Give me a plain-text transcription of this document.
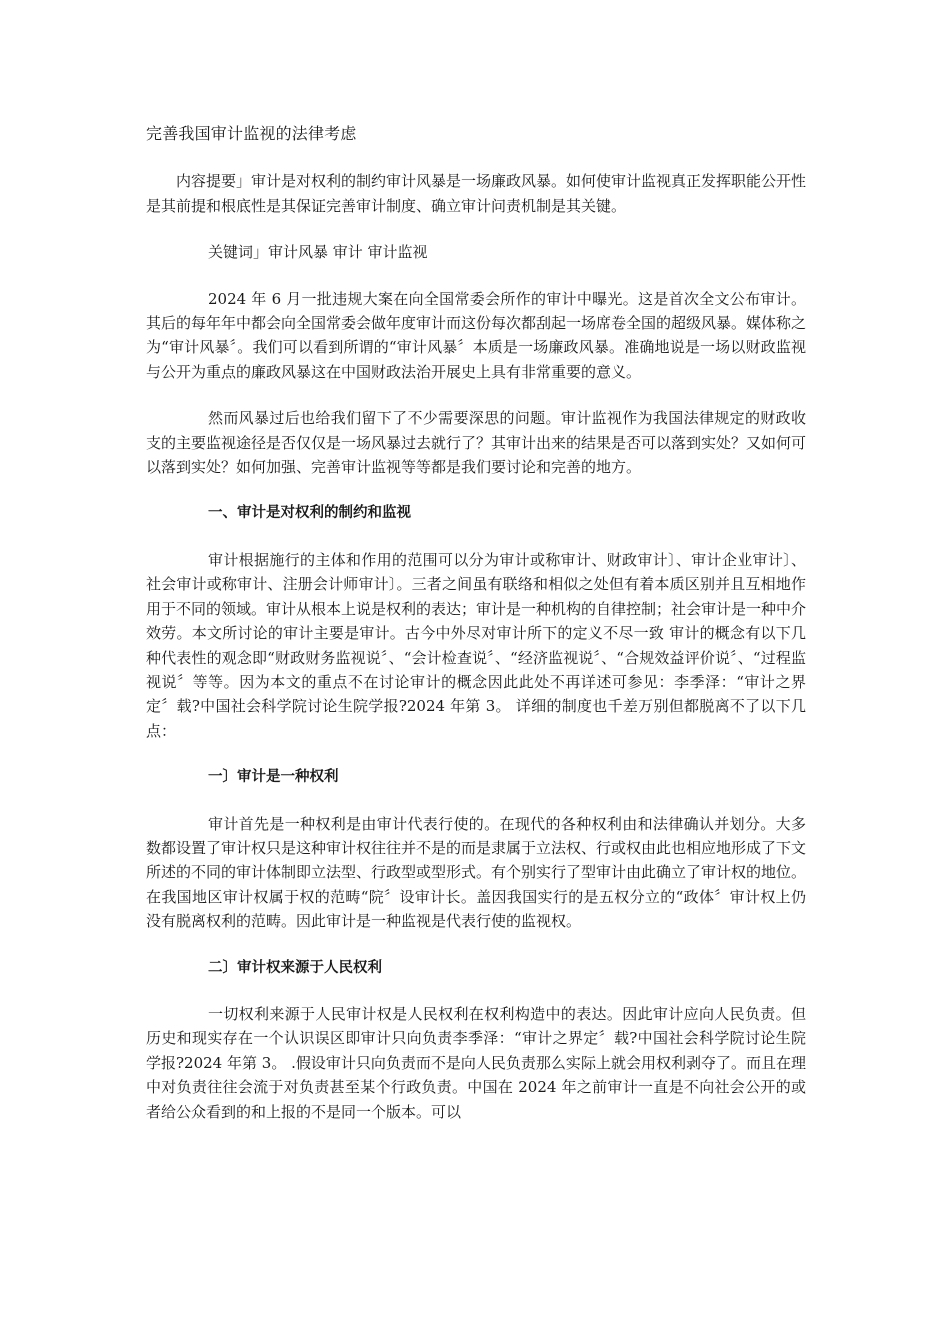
完善我国审计监视的法律考虑

内容提要」审计是对权利的制约审计风暴是一场廉政风暴。如何使审计监视真正发挥职能公开性是其前提和根底性是其保证完善审计制度、确立审计问责机制是其关键。

关键词」审计风暴 审计 审计监视

2024 年 6 月一批违规大案在向全国常委会所作的审计中曝光。这是首次全文公布审计。其后的每年年中都会向全国常委会做年度审计而这份每次都刮起一场席卷全国的超级风暴。媒体称之为“审计风暴〞。我们可以看到所谓的“审计风暴〞本质是一场廉政风暴。准确地说是一场以财政监视与公开为重点的廉政风暴这在中国财政法治开展史上具有非常重要的意义。

然而风暴过后也给我们留下了不少需要深思的问题。审计监视作为我国法律规定的财政收支的主要监视途径是否仅仅是一场风暴过去就行了？其审计出来的结果是否可以落到实处？又如何可以落到实处？如何加强、完善审计监视等等都是我们要讨论和完善的地方。

一、审计是对权利的制约和监视

审计根据施行的主体和作用的范围可以分为审计或称审计、财政审计〕、审计企业审计〕、社会审计或称审计、注册会计师审计〕。三者之间虽有联络和相似之处但有着本质区别并且互相地作用于不同的领域。审计从根本上说是权利的表达；审计是一种机构的自律控制；社会审计是一种中介效劳。本文所讨论的审计主要是审计。古今中外尽对审计所下的定义不尽一致 审计的概念有以下几种代表性的观念即“财政财务监视说〞、“会计检查说〞、“经济监视说〞、“合规效益评价说〞、“过程监视说〞等等。因为本文的重点不在讨论审计的概念因此此处不再详述可参见：李季泽：“审计之界定〞载?中国社会科学院讨论生院学报?2024 年第 3。 详细的制度也千差万别但都脱离不了以下几点：

一〕审计是一种权利

审计首先是一种权利是由审计代表行使的。在现代的各种权利由和法律确认并划分。大多数都设置了审计权只是这种审计权往往并不是的而是隶属于立法权、行或权由此也相应地形成了下文所述的不同的审计体制即立法型、行政型或型形式。有个别实行了型审计由此确立了审计权的地位。在我国地区审计权属于权的范畴“院〞设审计长。盖因我国实行的是五权分立的“政体〞审计权上仍没有脱离权利的范畴。因此审计是一种监视是代表行使的监视权。

二〕审计权来源于人民权利

一切权利来源于人民审计权是人民权利在权利构造中的表达。因此审计应向人民负责。但历史和现实存在一个认识误区即审计只向负责李季泽：“审计之界定〞载?中国社会科学院讨论生院学报?2024 年第 3。 .假设审计只向负责而不是向人民负责那么实际上就会用权利剥夺了。而且在理中对负责往往会流于对负责甚至某个行政负责。中国在 2024 年之前审计一直是不向社会公开的或者给公众看到的和上报的不是同一个版本。可以
